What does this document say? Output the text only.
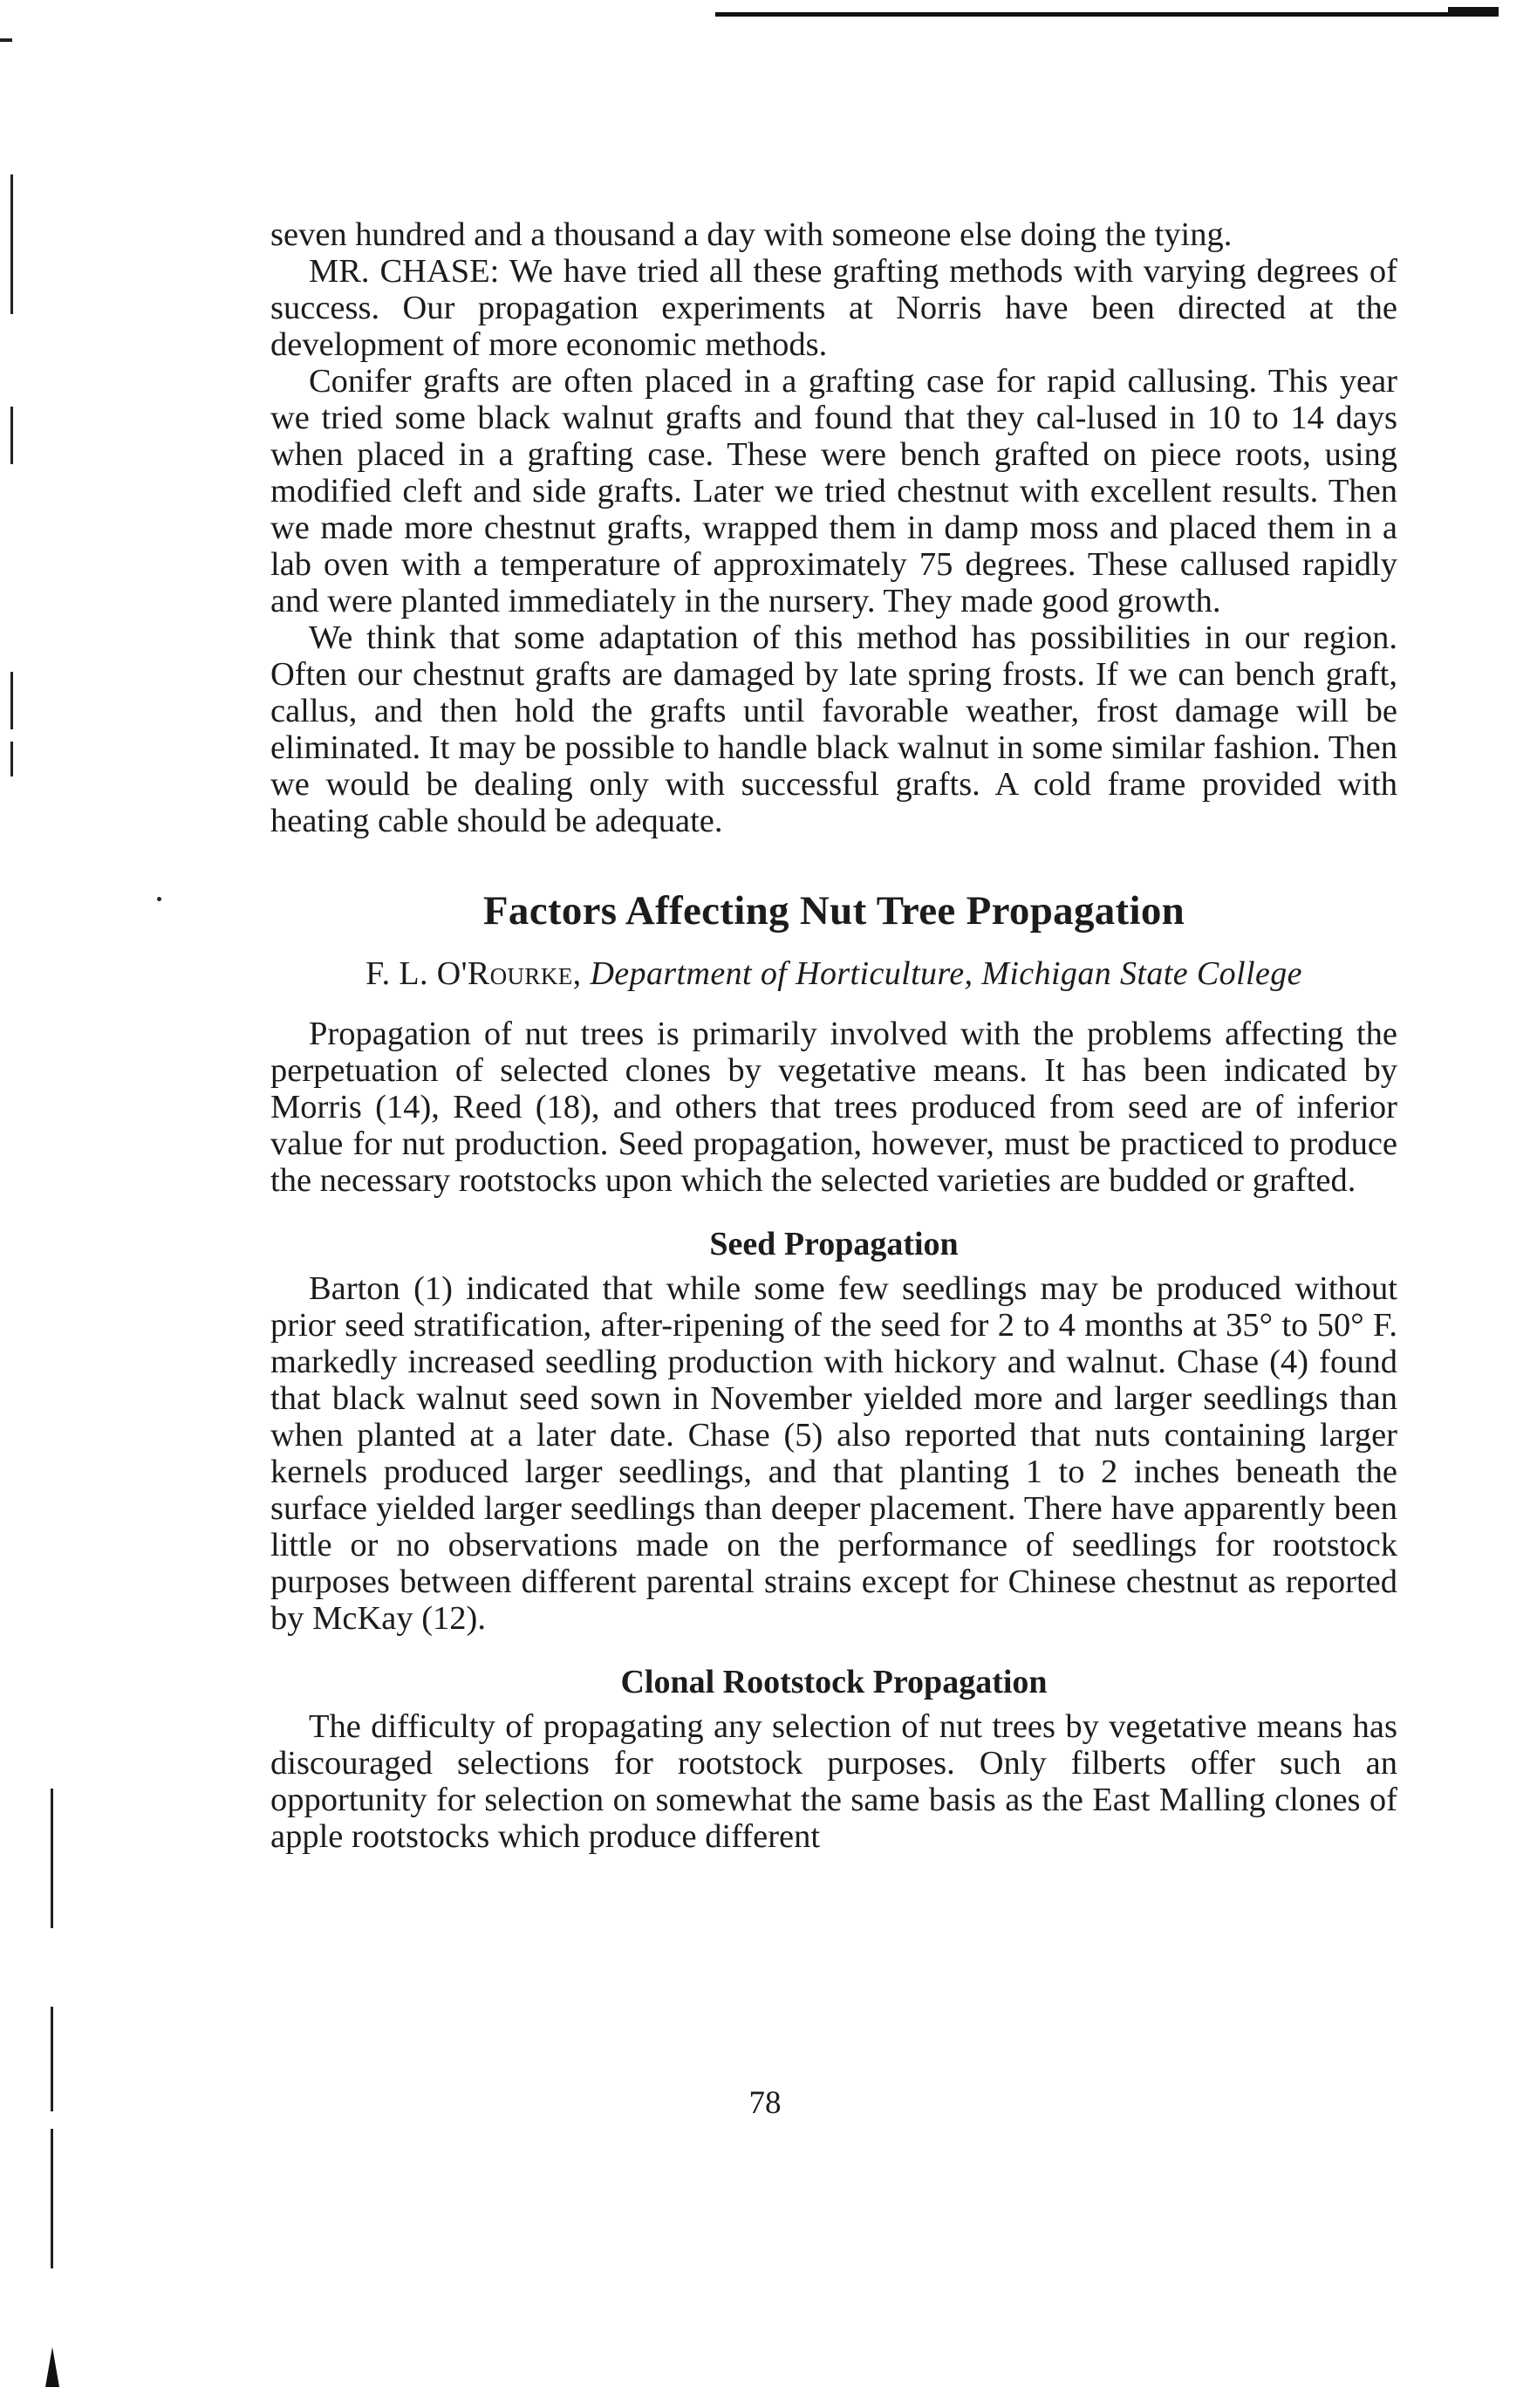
seven hundred and a thousand a day with someone else doing the tying.

MR. CHASE: We have tried all these grafting methods with varying degrees of success. Our propagation experiments at Norris have been directed at the development of more economic methods.

Conifer grafts are often placed in a grafting case for rapid callusing. This year we tried some black walnut grafts and found that they cal-lused in 10 to 14 days when placed in a grafting case. These were bench grafted on piece roots, using modified cleft and side grafts. Later we tried chestnut with excellent results. Then we made more chestnut grafts, wrapped them in damp moss and placed them in a lab oven with a temperature of approximately 75 degrees. These callused rapidly and were planted immediately in the nursery. They made good growth.

We think that some adaptation of this method has possibilities in our region. Often our chestnut grafts are damaged by late spring frosts. If we can bench graft, callus, and then hold the grafts until favorable weather, frost damage will be eliminated. It may be possible to handle black walnut in some similar fashion. Then we would be dealing only with successful grafts. A cold frame provided with heating cable should be adequate.

Factors Affecting Nut Tree Propagation

F. L. O'Rourke, Department of Horticulture, Michigan State College

Propagation of nut trees is primarily involved with the problems affecting the perpetuation of selected clones by vegetative means. It has been indicated by Morris (14), Reed (18), and others that trees produced from seed are of inferior value for nut production. Seed propagation, however, must be practiced to produce the necessary rootstocks upon which the selected varieties are budded or grafted.

Seed Propagation

Barton (1) indicated that while some few seedlings may be produced without prior seed stratification, after-ripening of the seed for 2 to 4 months at 35° to 50° F. markedly increased seedling production with hickory and walnut. Chase (4) found that black walnut seed sown in November yielded more and larger seedlings than when planted at a later date. Chase (5) also reported that nuts containing larger kernels produced larger seedlings, and that planting 1 to 2 inches beneath the surface yielded larger seedlings than deeper placement. There have apparently been little or no observations made on the performance of seedlings for rootstock purposes between different parental strains except for Chinese chestnut as reported by McKay (12).

Clonal Rootstock Propagation

The difficulty of propagating any selection of nut trees by vegetative means has discouraged selections for rootstock purposes. Only filberts offer such an opportunity for selection on somewhat the same basis as the East Malling clones of apple rootstocks which produce different

78
